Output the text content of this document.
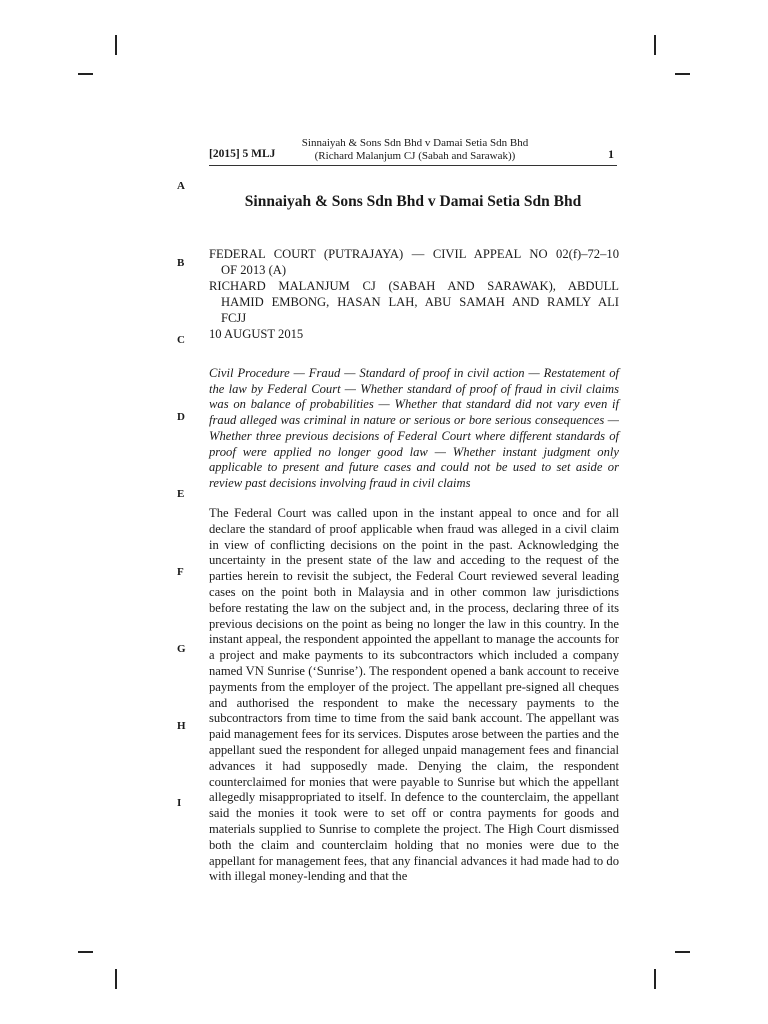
[2015] 5 MLJ
Sinnaiyah & Sons Sdn Bhd v Damai Setia Sdn Bhd
(Richard Malanjum CJ (Sabah and Sarawak))	1
A
B
C
D
E
F
G
H
I
Sinnaiyah & Sons Sdn Bhd v Damai Setia Sdn Bhd
FEDERAL COURT (PUTRAJAYA) — CIVIL APPEAL NO 02(f)–72–10
OF 2013 (A)
RICHARD MALANJUM CJ (SABAH AND SARAWAK), ABDULL
HAMID EMBONG, HASAN LAH, ABU SAMAH AND RAMLY ALI
FCJJ
10 AUGUST 2015
Civil Procedure — Fraud — Standard of proof in civil action — Restatement of the law by Federal Court — Whether standard of proof of fraud in civil claims was on balance of probabilities — Whether that standard did not vary even if fraud alleged was criminal in nature or serious or bore serious consequences — Whether three previous decisions of Federal Court where different standards of proof were applied no longer good law — Whether instant judgment only applicable to present and future cases and could not be used to set aside or review past decisions involving fraud in civil claims
The Federal Court was called upon in the instant appeal to once and for all declare the standard of proof applicable when fraud was alleged in a civil claim in view of conflicting decisions on the point in the past. Acknowledging the uncertainty in the present state of the law and acceding to the request of the parties herein to revisit the subject, the Federal Court reviewed several leading cases on the point both in Malaysia and in other common law jurisdictions before restating the law on the subject and, in the process, declaring three of its previous decisions on the point as being no longer the law in this country. In the instant appeal, the respondent appointed the appellant to manage the accounts for a project and make payments to its subcontractors which included a company named VN Sunrise (‘Sunrise’). The respondent opened a bank account to receive payments from the employer of the project. The appellant pre-signed all cheques and authorised the respondent to make the necessary payments to the subcontractors from time to time from the said bank account. The appellant was paid management fees for its services. Disputes arose between the parties and the appellant sued the respondent for alleged unpaid management fees and financial advances it had supposedly made. Denying the claim, the respondent counterclaimed for monies that were payable to Sunrise but which the appellant allegedly misappropriated to itself. In defence to the counterclaim, the appellant said the monies it took were to set off or contra payments for goods and materials supplied to Sunrise to complete the project. The High Court dismissed both the claim and counterclaim holding that no monies were due to the appellant for management fees, that any financial advances it had made had to do with illegal money-lending and that the
